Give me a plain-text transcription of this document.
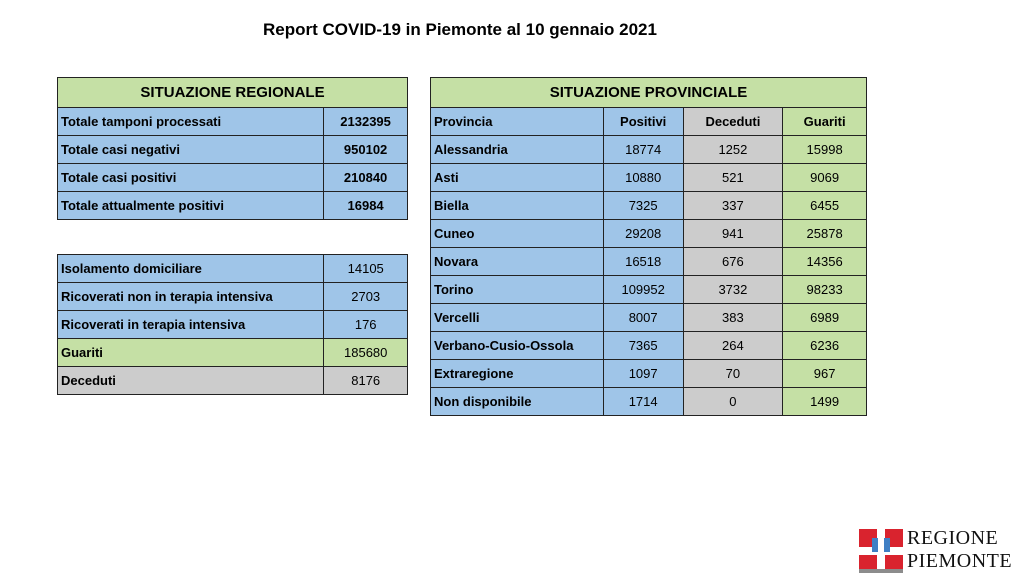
Report COVID-19 in Piemonte al 10 gennaio 2021
SITUAZIONE REGIONALE	
Totale tamponi processati	2132395
Totale casi negativi	950102
Totale casi positivi	210840
Totale attualmente positivi	16984
Isolamento domiciliare	14105
Ricoverati non in terapia intensiva	2703
Ricoverati in terapia intensiva	176
Guariti	185680
Deceduti	8176
SITUAZIONE PROVINCIALE			
Provincia	Positivi	Deceduti	Guariti
Alessandria	18774	1252	15998
Asti	10880	521	9069
Biella	7325	337	6455
Cuneo	29208	941	25878
Novara	16518	676	14356
Torino	109952	3732	98233
Vercelli	8007	383	6989
Verbano-Cusio-Ossola	7365	264	6236
Extraregione	1097	70	967
Non disponibile	1714	0	1499
REGIONE
PIEMONTE
